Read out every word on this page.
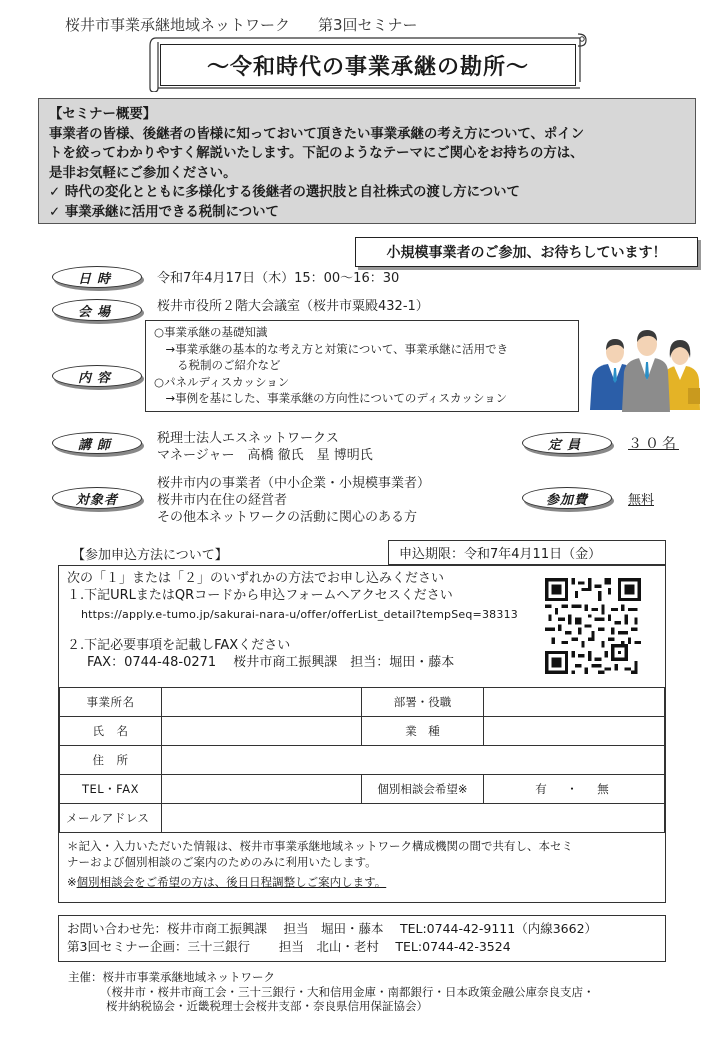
桜井市事業承継地域ネットワーク 第3回セミナー
～令和時代の事業承継の勘所～
【セミナー概要】
事業者の皆様、後継者の皆様に知っておいて頂きたい事業承継の考え方について、ポイン
トを絞ってわかりやすく解説いたします。下記のようなテーマにご関心をお持ちの方は、
是非お気軽にご参加ください。
✓ 時代の変化とともに多様化する後継者の選択肢と自社株式の渡し方について
✓ 事業承継に活用できる税制について
小規模事業者のご参加、お待ちしています！
日時	令和7年4月17日（木）15：00～16：30
会場	桜井市役所２階大会議室（桜井市粟殿432-1）
内容
○事業承継の基礎知識
　→事業承継の基本的な考え方と対策について、事業承継に活用でき
　　る税制のご紹介など
○パネルディスカッション
　→事例を基にした、事業承継の方向性についてのディスカッション
講師	税理士法人エスネットワークス
マネージャー　高橋 徹氏　星 博明氏
定員	３０名
対象者
桜井市内の事業者（中小企業・小規模事業者）
桜井市内在住の経営者
その他本ネットワークの活動に関心のある方
参加費	無料
【参加申込方法について】	申込期限：令和7年4月11日（金）
次の「１」または「２」のいずれかの方法でお申し込みください
１.下記URLまたはQRコードから申込フォームへアクセスください
https://apply.e-tumo.jp/sakurai-nara-u/offer/offerList_detail?tempSeq=38313
２.下記必要事項を記載しFAXください
FAX：0744-48-0271　 桜井市商工振興課　担当：堀田・藤本
事業所名		部署・役職	
氏　名		業　種	
住　所			
TEL・FAX		個別相談会希望※	有　・　無
メールアドレス			
＊記入・入力いただいた情報は、桜井市事業承継地域ネットワーク構成機関の間で共有し、本セミ
ナーおよび個別相談のご案内のためのみに利用いたします。
※個別相談会をご希望の方は、後日日程調整しご案内します。
お問い合わせ先：桜井市商工振興課　 担当　堀田・藤本　 TEL:0744-42-9111（内線3662）
第3回セミナー企画：三十三銀行　　 担当　北山・老村　 TEL:0744-42-3524
主催：桜井市事業承継地域ネットワーク
（桜井市・桜井市商工会・三十三銀行・大和信用金庫・南都銀行・日本政策金融公庫奈良支店・
桜井納税協会・近畿税理士会桜井支部・奈良県信用保証協会）
